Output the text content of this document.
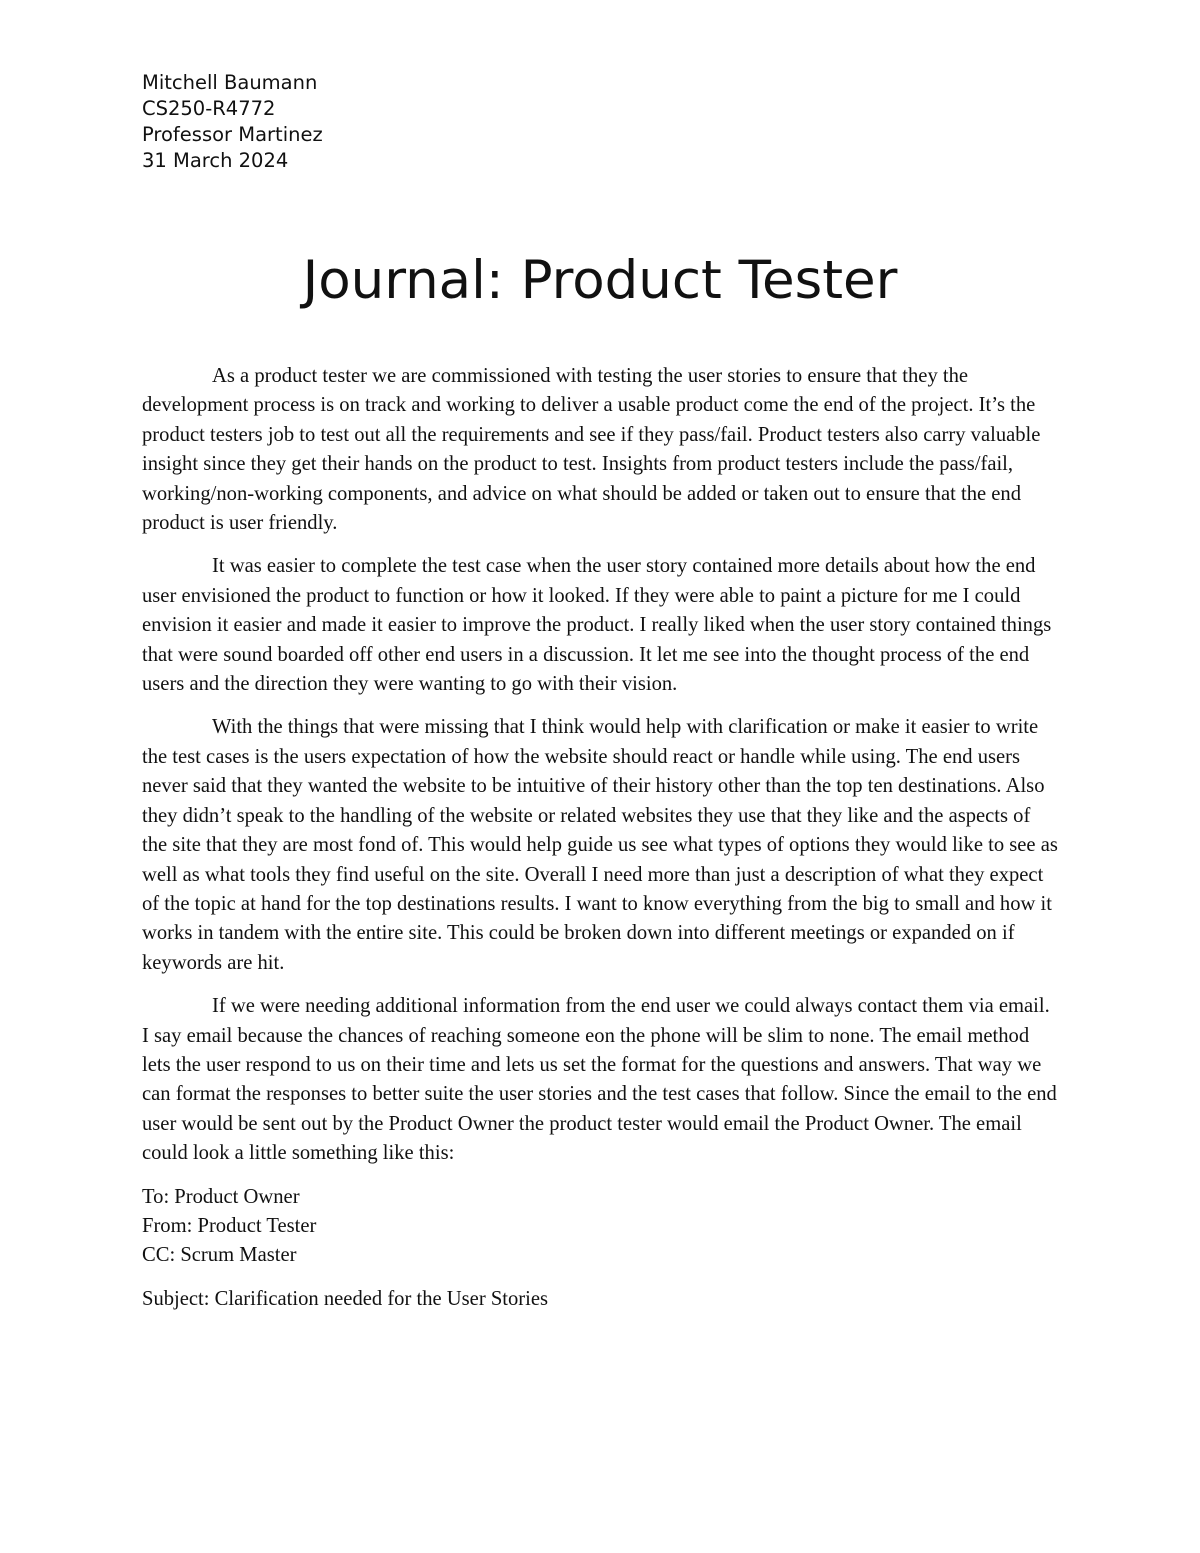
Mitchell Baumann
CS250-R4772
Professor Martinez
31 March 2024
Journal: Product Tester

As a product tester we are commissioned with testing the user stories to ensure that they the development process is on track and working to deliver a usable product come the end of the project. It’s the product testers job to test out all the requirements and see if they pass/fail. Product testers also carry valuable insight since they get their hands on the product to test. Insights from product testers include the pass/fail, working/non-working components, and advice on what should be added or taken out to ensure that the end product is user friendly.

It was easier to complete the test case when the user story contained more details about how the end user envisioned the product to function or how it looked. If they were able to paint a picture for me I could envision it easier and made it easier to improve the product. I really liked when the user story contained things that were sound boarded off other end users in a discussion. It let me see into the thought process of the end users and the direction they were wanting to go with their vision.

With the things that were missing that I think would help with clarification or make it easier to write the test cases is the users expectation of how the website should react or handle while using. The end users never said that they wanted the website to be intuitive of their history other than the top ten destinations. Also they didn’t speak to the handling of the website or related websites they use that they like and the aspects of the site that they are most fond of. This would help guide us see what types of options they would like to see as well as what tools they find useful on the site. Overall I need more than just a description of what they expect of the topic at hand for the top destinations results. I want to know everything from the big to small and how it works in tandem with the entire site. This could be broken down into different meetings or expanded on if keywords are hit.

If we were needing additional information from the end user we could always contact them via email. I say email because the chances of reaching someone eon the phone will be slim to none. The email method lets the user respond to us on their time and lets us set the format for the questions and answers. That way we can format the responses to better suite the user stories and the test cases that follow. Since the email to the end user would be sent out by the Product Owner the product tester would email the Product Owner. The email could look a little something like this:

To: Product Owner

From: Product Tester

CC: Scrum Master

Subject: Clarification needed for the User Stories
